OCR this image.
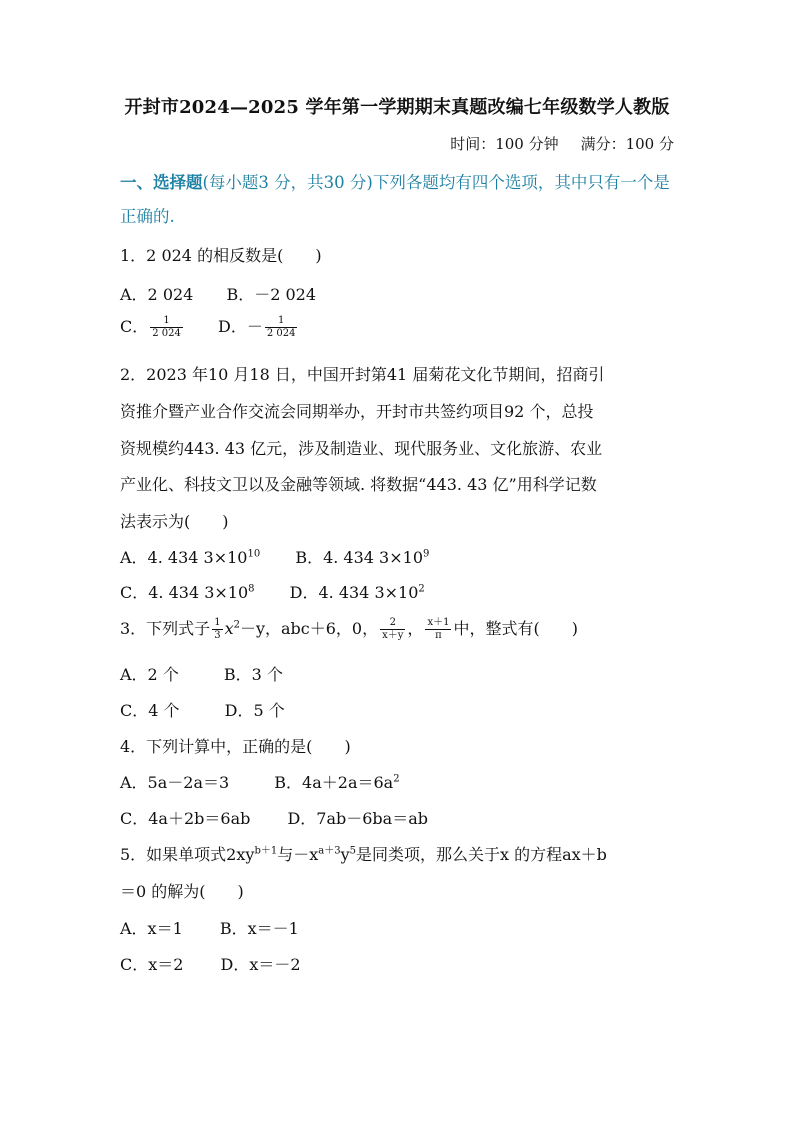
开封市2024—2025 学年第一学期期末真题改编七年级数学人教版
时间：100 分钟 满分：100 分
一、选择题(每小题3 分，共30 分)下列各题均有四个选项，其中只有一个是正确的.
1．2 024 的相反数是( )
A．2 024 B．－2 024
C． $\frac{1}{2 024}$ D．－ $\frac{1}{2 024}$
2．2023 年10 月18 日，中国开封第41 届菊花文化节期间，招商引
资推介暨产业合作交流会同期举办，开封市共签约项目92 个，总投
资规模约443. 43 亿元，涉及制造业、现代服务业、文化旅游、农业
产业化、科技文卫以及金融等领域. 将数据“443. 43 亿”用科学记数
法表示为( )
A．4. 434 $3\times 10^{10}$ B．4. 434 $3\times 10^9$
C．4. 434 $3\times 10^8$ D．4. 434 $3\times 10^2$
3．下列式子 $\frac{1}{3} x^2-y$，abc＋6，0， $\frac{2}{x+y}$ ， $\frac{x+1}{\pi}$ 中，整式有( )
A．2 个	B．3 个
C．4 个	D．5 个
4．下列计算中，正确的是( )
A．5a－2a＝3	B．$4a+2a=6a^2$
C．4a＋2b＝6ab D．7ab－6ba＝ab
5．如果单项式$2xy^{b+1}$与$-x^{a+3}y^5$是同类项，那么关于x 的方程ax＋b
＝0 的解为( )
A．x＝1 B．x＝－1
C．x＝2 D．x＝－2
